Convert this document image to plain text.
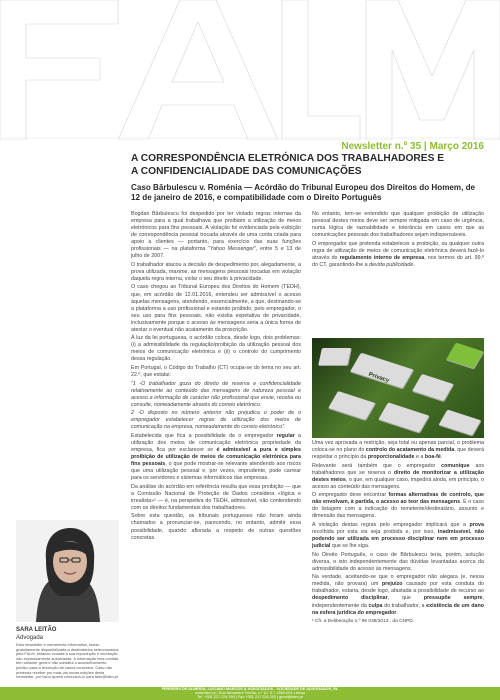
Newsletter n.º 35 | Março 2016
A CORRESPONDÊNCIA ELETRÓNICA DOS TRABALHADORES E
A CONFIDENCIALIDADE DAS COMUNICAÇÕES
Caso Bărbulescu v. Roménia — Acórdão do Tribunal Europeu dos Direitos do Homem, de 12 de janeiro de 2016, e compatibilidade com o Direito Português

Bogdan Bărbulescu foi despedido por ter violado regras internas da empresa para a qual trabalhava que proibiam a utilização de meios eletrónicos para fins pessoais. A violação foi evidenciada pela exibição de correspondência pessoal trocada através de uma conta criada para apoio a clientes — portanto, para exercício das suas funções profissionais — na plataforma “Yahoo Messenger”, entre 5 e 13 de julho de 2007.

O trabalhador atacou a decisão de despedimento por, alegadamente, a prova utilizada, maxime, as mensagens pessoais trocadas em violação daquela regra interna, violar o seu direito à privacidade.

O caso chegou ao Tribunal Europeu dos Direitos do Homem (TEDH), que, em acórdão de 12.01.2016, entendeu ser admissível o acesso àquelas mensagens, atendendo, essencialmente, a que, destinando-se a plataforma a uso profissional e estando proibido, pelo empregador, o seu uso para fins pessoais, não existia expetativa de privacidade, inclusivamente porque o acesso às mensagens seria a única forma de atestar o eventual não acatamento da proscrição.

À luz da lei portuguesa, o acórdão coloca, desde logo, dois problemas: (i) a admissibilidade da regulação/proibição da utilização pessoal dos meios de comunicação eletrónica e (ii) o controlo do cumprimento dessa regulação.

Em Portugal, o Código do Trabalho (CT) ocupa-se do tema no seu art. 22.º, que estatui:

“1 -O trabalhador goza do direito de reserva e confidencialidade relativamente ao conteúdo das mensagens de natureza pessoal e acesso a informação de carácter não profissional que envie, receba ou consulte, nomeadamente através do correio eletrónico.

2 -O disposto no número anterior não prejudica o poder de o empregador estabelecer regras de utilização dos meios de comunicação na empresa, nomeadamente do correio eletrónico”.

Estabelecida que fica a possibilidade de o empregador regular a utilização dos meios de comunicação eletrónica propriedade da empresa, fica por esclarecer se é admissível a pura e simples proibição de utilização de meios de comunicação eletrónica para fins pessoais, o que pode mostrar-se relevante atendendo aos riscos que uma utilização pessoal e, por vezes, imprudente, pode carrear para os servidores e sistemas informáticos das empresas.

Da análise do acórdão em referência resulta que essa proibição — que a Comissão Nacional de Proteção de Dados considera «lógica e irrealista»¹ — é, na perspetiva do TEDH, admissível, não contendendo com os direitos fundamentais dos trabalhadores.

Sobre esta questão, os tribunais portugueses não foram ainda chamados a pronunciar-se, parecendo, no entanto, admitir essa possibilidade, quando aflorada a respeito de outras questões concretas.

No entanto, tem-se entendido que qualquer proibição de utilização pessoal destes meios deve ser sempre mitigada em caso de urgência, numa lógica de razoabilidade e tolerância em casos em que as comunicações pessoais dos trabalhadores sejam indispensáveis.

O empregador que pretenda estabelecer a proibição, ou qualquer outra regra de utilização de meios de comunicação eletrónica deverá fazê-lo através do regulamento interno de empresa, nos termos do art. 99.º do CT, garantindo-lhe a devida publicidade.

Privacy

Uma vez aprovada a restrição, seja total ou apenas parcial, o problema coloca-se no plano do controlo do acatamento da medida, que deverá respeitar o princípio da proporcionalidade e a boa-fé.

Relevante será também que o empregador comunique aos trabalhadores que se reserva o direito de monitorizar a utilização destes meios, o que, em qualquer caso, impedirá ainda, em princípio, o acesso ao conteúdo das mensagens.

O empregador deve encontrar formas alternativas de controlo, que não envolvam, à partida, o acesso ao teor das mensagens. É o caso do listagem com a indicação do remetente/destinatário, assunto e dimensão das mensagens.

A violação destas regras pelo empregador implicará que a prova recolhida por esta via seja proibida e, por isso, inadmissível, não podendo ser utilizada em processo disciplinar nem em processo judicial que se lhe siga.

No Direito Português, o caso de Bărbulescu teria, porém, solução diversa, e isto independentemente das dúvidas levantadas acerca da admissibilidade do acesso às mensagens.

Na verdade, aceitando-se que o empregador não alegara (e, nessa medida, não provara) um prejuízo causado por esta conduta do trabalhador, estaria, desde logo, afastada a possibilidade de recurso ao despedimento disciplinar, que pressupõe sempre, independentemente da culpa do trabalhador, a existência de um dano na esfera jurídica do empregador.

¹ Cfr. a Deliberação n.º 96 038/2013 , da CNPD.

SARA LEITÃO
Advogada
Esta newsletter é meramente informativa, sendo gratuitamente disponibilizada a destinatários seleccionados pela FALM, estando vedada a sua reprodução e circulação não expressamente autorizadas. A informação nela contida tem carácter geral e não substitui o aconselhamento jurídico para a resolução de casos concretos. Caso não pretenda receber por mais via novas edições desta newsletter, por favor queira comunicá-lo para falm@falm.pt
FERREIRA DE ALMEIDA, LUCIANO MARCOS & ASSOCIADOS - SOCIEDADE DE ADVOGADOS, RL
www.falm.pt | Rua Alexandre Ferrão, n.º 10, 5.º, 1600-001 Lisboa
Tel. +351 217 224 390 | Fax +351 217 224 201 | geral@falm.pt
